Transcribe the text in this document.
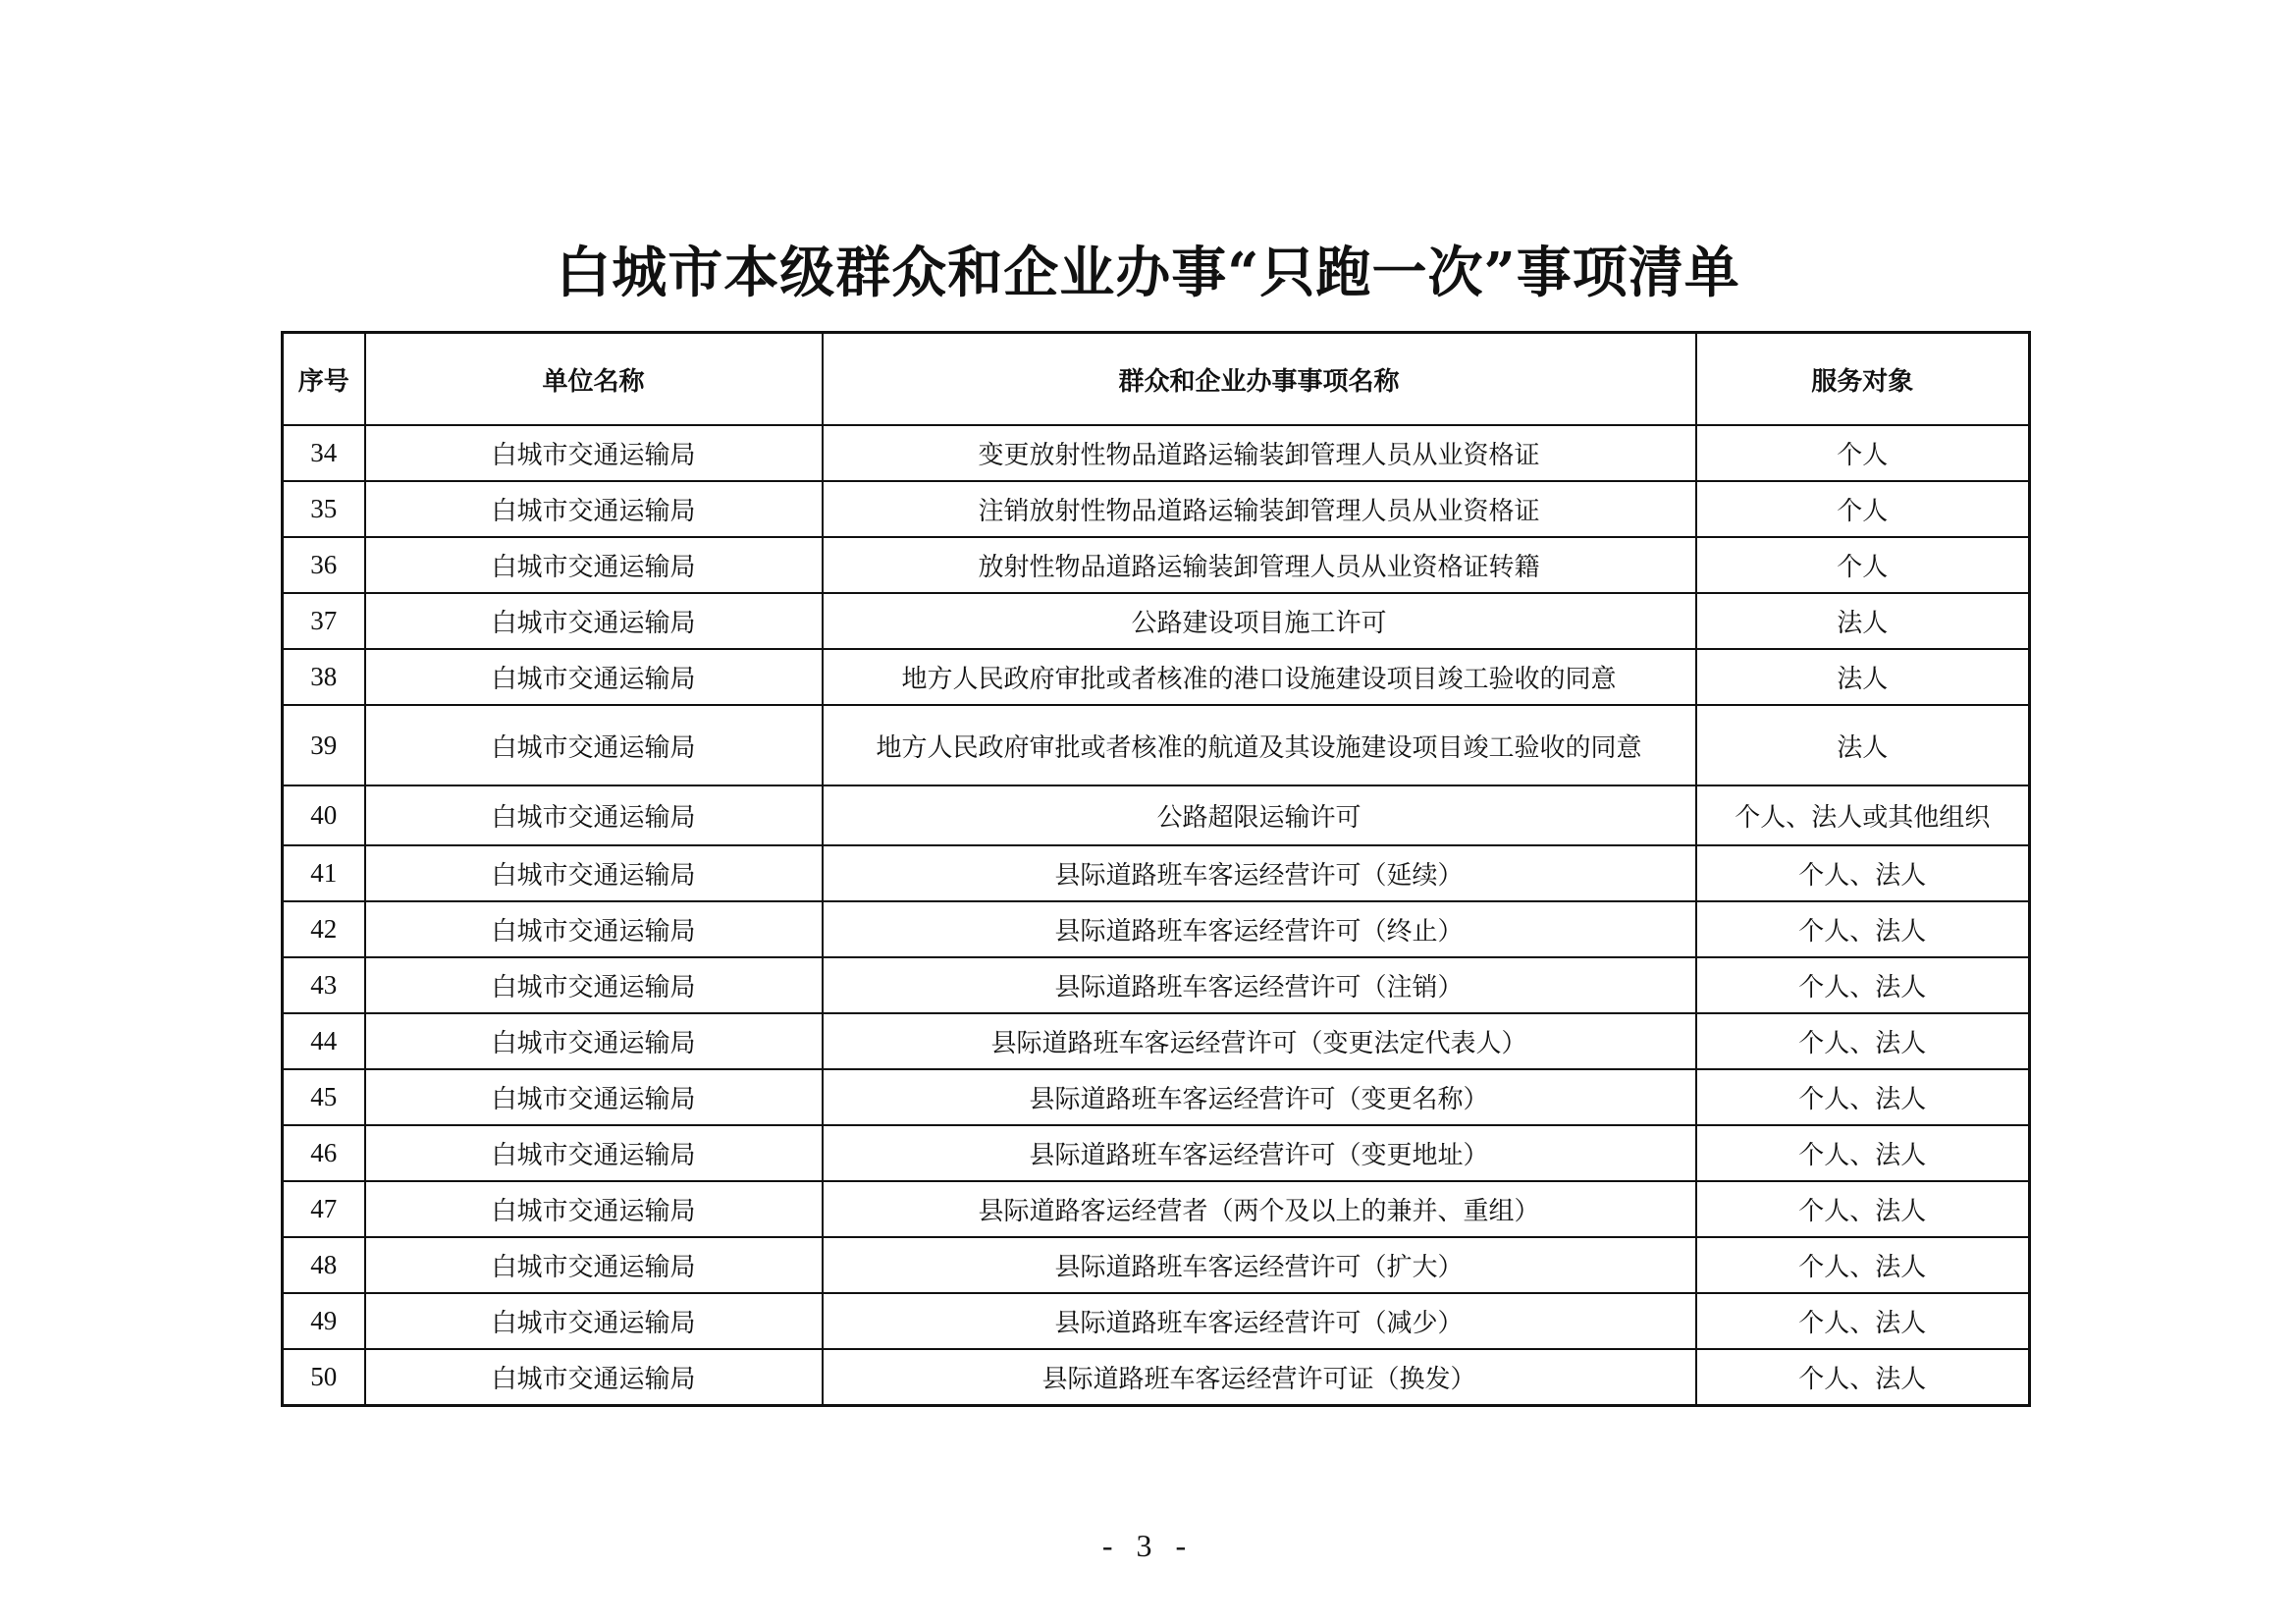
白城市本级群众和企业办事“只跑一次”事项清单
序号	单位名称	群众和企业办事事项名称	服务对象
34	白城市交通运输局	变更放射性物品道路运输装卸管理人员从业资格证	个人
35	白城市交通运输局	注销放射性物品道路运输装卸管理人员从业资格证	个人
36	白城市交通运输局	放射性物品道路运输装卸管理人员从业资格证转籍	个人
37	白城市交通运输局	公路建设项目施工许可	法人
38	白城市交通运输局	地方人民政府审批或者核准的港口设施建设项目竣工验收的同意	法人
39	白城市交通运输局	地方人民政府审批或者核准的航道及其设施建设项目竣工验收的同意	法人
40	白城市交通运输局	公路超限运输许可	个人、法人或其他组织
41	白城市交通运输局	县际道路班车客运经营许可（延续）	个人、法人
42	白城市交通运输局	县际道路班车客运经营许可（终止）	个人、法人
43	白城市交通运输局	县际道路班车客运经营许可（注销）	个人、法人
44	白城市交通运输局	县际道路班车客运经营许可（变更法定代表人）	个人、法人
45	白城市交通运输局	县际道路班车客运经营许可（变更名称）	个人、法人
46	白城市交通运输局	县际道路班车客运经营许可（变更地址）	个人、法人
47	白城市交通运输局	县际道路客运经营者（两个及以上的兼并、重组）	个人、法人
48	白城市交通运输局	县际道路班车客运经营许可（扩大）	个人、法人
49	白城市交通运输局	县际道路班车客运经营许可（减少）	个人、法人
50	白城市交通运输局	县际道路班车客运经营许可证（换发）	个人、法人
- 3 -
